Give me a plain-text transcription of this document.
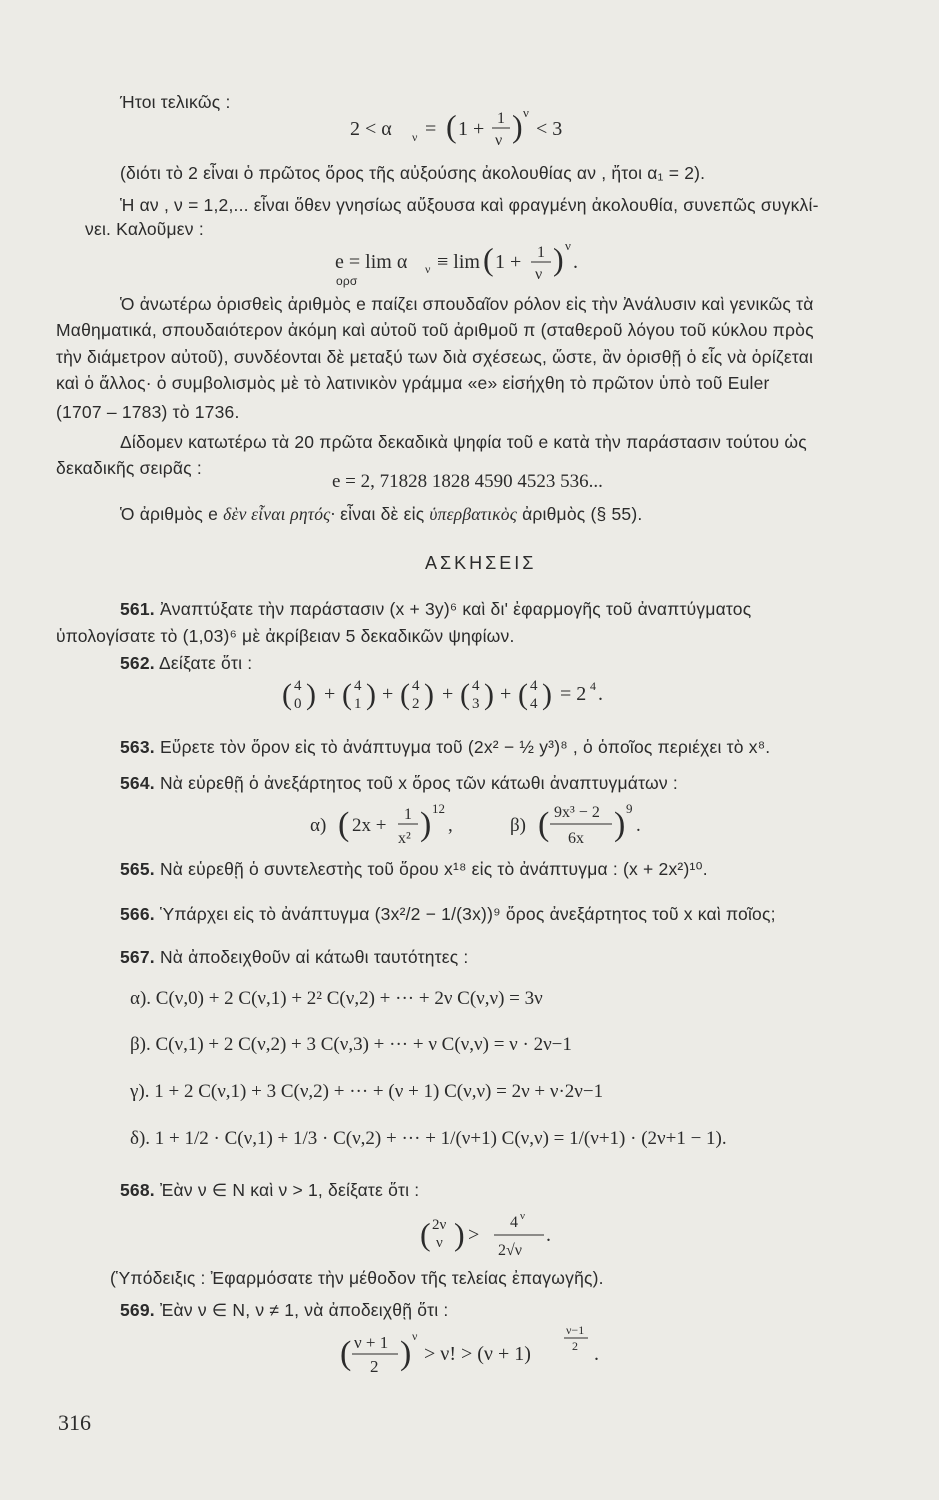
Ήτοι τελικῶς :
2 < α ν = ( 1 + 1
ν ) ν
< 3
(διότι τὸ 2 εἶναι ὁ πρῶτος ὅρος τῆς αὐξούσης ἀκολουθίας αν , ἤτοι α₁ = 2).
Ἡ αν , ν = 1,2,... εἶναι ὅθεν γνησίως αὔξουσα καὶ φραγμένη ἀκολουθία, συνεπῶς συγκλί-
νει. Καλοῦμεν :
e = lim α ν ≡ lim ( 1 + 1
ν ) ν
.
ορσ
Ὁ ἀνωτέρω ὁρισθεὶς ἀριθμὸς e παίζει σπουδαῖον ρόλον εἰς τὴν Ἀνάλυσιν καὶ γενικῶς τὰ
Μαθηματικά, σπουδαιότερον ἀκόμη καὶ αὐτοῦ τοῦ ἀριθμοῦ π (σταθεροῦ λόγου τοῦ κύκλου πρὸς
τὴν διάμετρον αὐτοῦ), συνδέονται δὲ μεταξύ των διὰ σχέσεως, ὥστε, ἂν ὁρισθῇ ὁ εἷς νὰ ὁρίζεται
καὶ ὁ ἄλλος· ὁ συμβολισμὸς μὲ τὸ λατινικὸν γράμμα «e» εἰσήχθη τὸ πρῶτον ὑπὸ τοῦ Euler
(1707 – 1783) τὸ 1736.
Δίδομεν κατωτέρω τὰ 20 πρῶτα δεκαδικὰ ψηφία τοῦ e κατὰ τὴν παράστασιν τούτου ὡς
δεκαδικῆς σειρᾶς :
e = 2, 71828 1828 4590 4523 536...
Ὁ ἀριθμὸς e δὲν εἶναι ρητός· εἶναι δὲ εἰς ὑπερβατικὸς ἀριθμὸς (§ 55).
ΑΣΚΗΣΕΙΣ
561. Ἀναπτύξατε τὴν παράστασιν (x + 3y)⁶ καὶ δι' ἐφαρμογῆς τοῦ ἀναπτύγματος
ὑπολογίσατε τὸ (1,03)⁶ μὲ ἀκρίβειαν 5 δεκαδικῶν ψηφίων.
562. Δείξατε ὅτι :
( 4
0 ) + ( 4
1 ) + ( 4
2 ) + ( 4
3 ) + ( 4
4 ) = 2 4 .
563. Εὕρετε τὸν ὅρον εἰς τὸ ἀνάπτυγμα τοῦ (2x² − ½ y³)⁸ , ὁ ὁποῖος περιέχει τὸ x⁸.
564. Νὰ εὑρεθῇ ὁ ἀνεξάρτητος τοῦ x ὅρος τῶν κάτωθι ἀναπτυγμάτων :
α) ( 2x +
1
x² ) 12
,	β) ( 9x³ − 2
6x ) 9
.
565. Νὰ εὑρεθῇ ὁ συντελεστὴς τοῦ ὅρου x¹⁸ εἰς τὸ ἀνάπτυγμα : (x + 2x²)¹⁰.
566. Ὑπάρχει εἰς τὸ ἀνάπτυγμα (3x²/2 − 1/(3x))⁹ ὅρος ἀνεξάρτητος τοῦ x καὶ ποῖος;
567. Νὰ ἀποδειχθοῦν αἱ κάτωθι ταυτότητες :
α). C(ν,0) + 2 C(ν,1) + 2² C(ν,2) + ··· + 2ν C(ν,ν) = 3ν
β). C(ν,1) + 2 C(ν,2) + 3 C(ν,3) + ··· + ν C(ν,ν) = ν · 2ν−1
γ). 1 + 2 C(ν,1) + 3 C(ν,2) + ··· + (ν + 1) C(ν,ν) = 2ν + ν·2ν−1
δ). 1 + 1/2 · C(ν,1) + 1/3 · C(ν,2) + ··· + 1/(ν+1) C(ν,ν) = 1/(ν+1) · (2ν+1 − 1).
568. Ἐὰν ν ∈ N καὶ ν > 1, δείξατε ὅτι :
( 2ν
ν ) >
4 ν
2√ν
.
(Ὑπόδειξις : Ἐφαρμόσατε τὴν μέθοδον τῆς τελείας ἐπαγωγῆς).
569. Ἐὰν ν ∈ N, ν ≠ 1, νὰ ἀποδειχθῇ ὅτι :
( ν + 1
2 ) ν
> ν! > (ν + 1)
ν−1
2 .
316
